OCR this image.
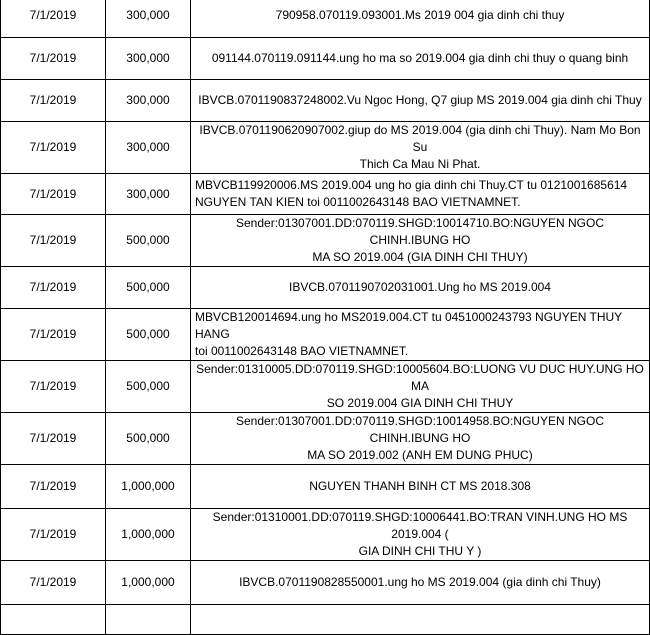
7/1/2019	300,000	790958.070119.093001.Ms 2019 004 gia dinh chi thuy

7/1/2019	300,000	091144.070119.091144.ung ho ma so 2019.004 gia dinh chi thuy o quang binh

7/1/2019	300,000	IBVCB.0701190837248002.Vu Ngoc Hong, Q7 giup MS 2019.004 gia dinh chi Thuy

7/1/2019	300,000	IBVCB.0701190620907002.giup do MS 2019.004 (gia dinh chi Thuy). Nam Mo Bon Su
Thich Ca Mau Ni Phat.

7/1/2019	300,000	MBVCB119920006.MS 2019.004 ung ho gia dinh chi Thuy.CT tu 0121001685614
NGUYEN TAN KIEN toi 0011002643148 BAO VIETNAMNET.

7/1/2019	500,000	Sender:01307001.DD:070119.SHGD:10014710.BO:NGUYEN NGOC CHINH.IBUNG HO
MA SO 2019.004 (GIA DINH CHI THUY)

7/1/2019	500,000	IBVCB.0701190702031001.Ung ho MS 2019.004

7/1/2019	500,000	MBVCB120014694.ung ho MS2019.004.CT tu 0451000243793 NGUYEN THUY HANG
toi 0011002643148 BAO VIETNAMNET.

7/1/2019	500,000	Sender:01310005.DD:070119.SHGD:10005604.BO:LUONG VU DUC HUY.UNG HO MA
SO 2019.004 GIA DINH CHI THUY

7/1/2019	500,000	Sender:01307001.DD:070119.SHGD:10014958.BO:NGUYEN NGOC CHINH.IBUNG HO
MA SO 2019.002 (ANH EM DUNG PHUC)

7/1/2019	1,000,000	NGUYEN THANH BINH CT MS 2018.308

7/1/2019	1,000,000	Sender:01310001.DD:070119.SHGD:10006441.BO:TRAN VINH.UNG HO MS 2019.004 (
GIA DINH CHI THU Y )

7/1/2019	1,000,000	IBVCB.0701190828550001.ung ho MS 2019.004 (gia dinh chi Thuy)
